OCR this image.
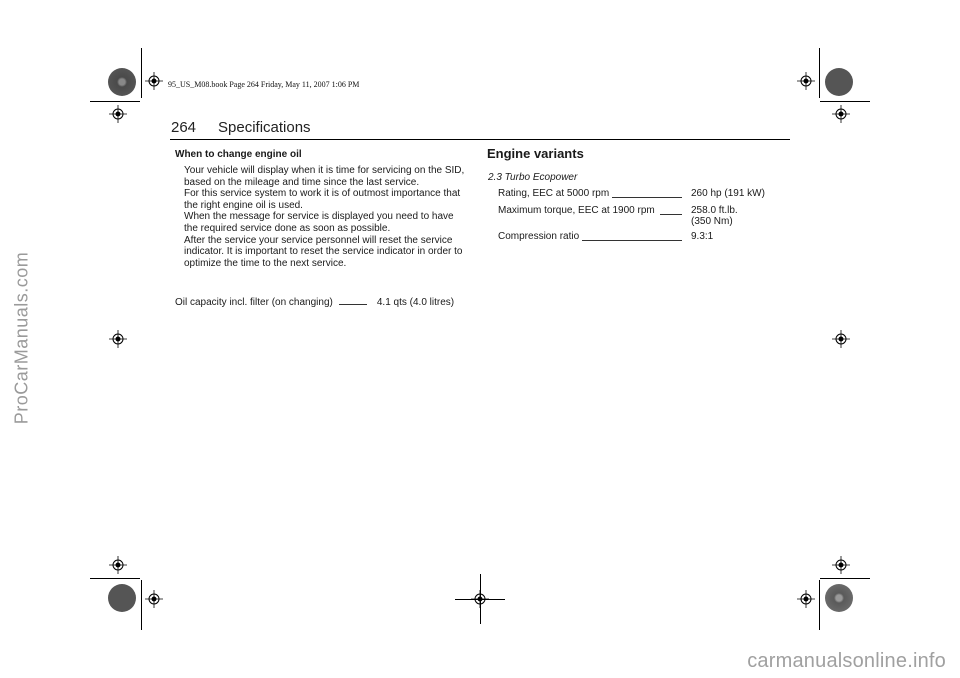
95_US_M08.book Page 264 Friday, May 11, 2007 1:06 PM
264 Specifications
When to change engine oil

Your vehicle will display when it is time for servicing on the SID, based on the mileage and time since the last service.

For this service system to work it is of outmost importance that the right engine oil is used.

When the message for service is displayed you need to have the required service done as soon as possible.

After the service your service personnel will reset the service indicator. It is important to reset the service indicator in order to optimize the time to the next service.

Oil capacity incl. filter (on changing)	4.1 qts (4.0 litres)
Engine variants
2.3 Turbo Ecopower
Rating, EEC at 5000 rpm	260 hp (191 kW)
Maximum torque, EEC at 1900 rpm	258.0 ft.lb.
(350 Nm)
Compression ratio	9.3:1
ProCarManuals.com
carmanualsonline.info
